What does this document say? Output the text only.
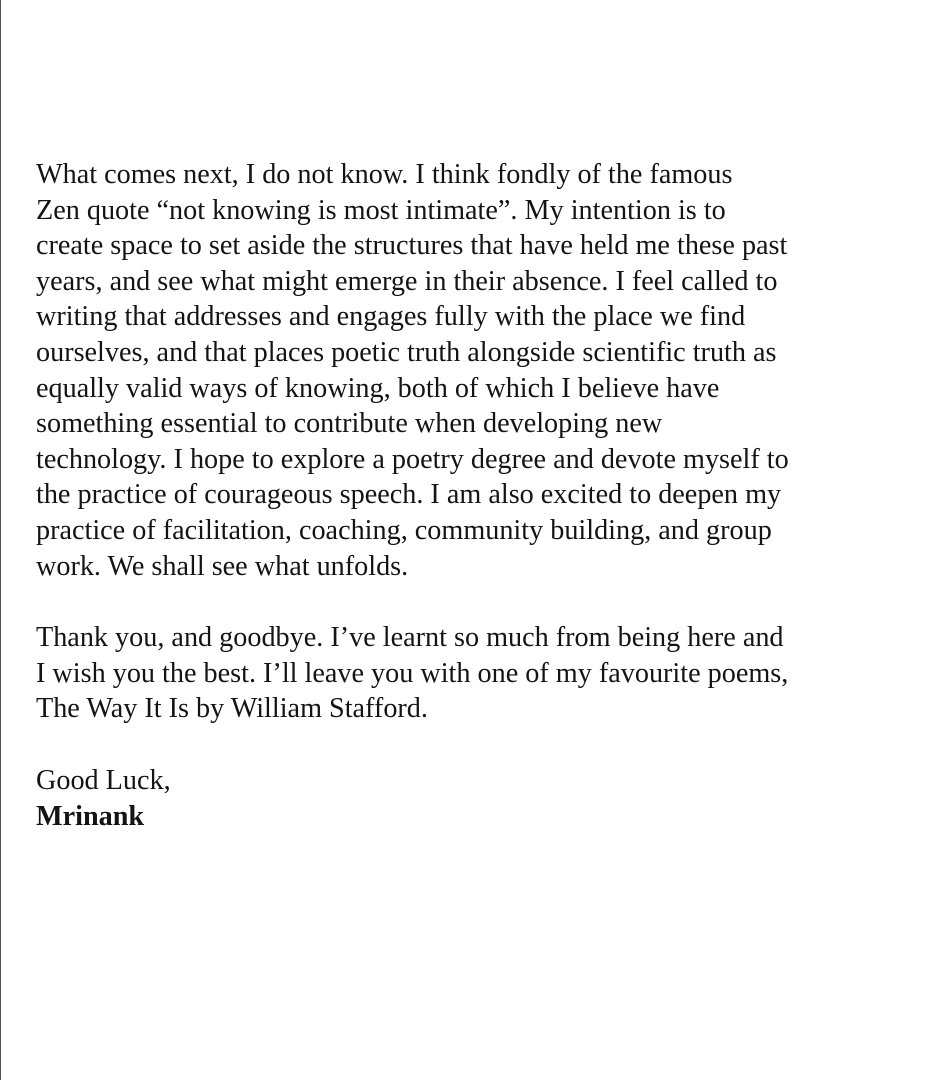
What comes next, I do not know. I think fondly of the famous
Zen quote “not knowing is most intimate”. My intention is to
create space to set aside the structures that have held me these past
years, and see what might emerge in their absence. I feel called to
writing that addresses and engages fully with the place we find
ourselves, and that places poetic truth alongside scientific truth as
equally valid ways of knowing, both of which I believe have
something essential to contribute when developing new
technology. I hope to explore a poetry degree and devote myself to
the practice of courageous speech. I am also excited to deepen my
practice of facilitation, coaching, community building, and group
work. We shall see what unfolds.
Thank you, and goodbye. I’ve learnt so much from being here and
I wish you the best. I’ll leave you with one of my favourite poems,
The Way It Is by William Stafford.
Good Luck,
Mrinank
